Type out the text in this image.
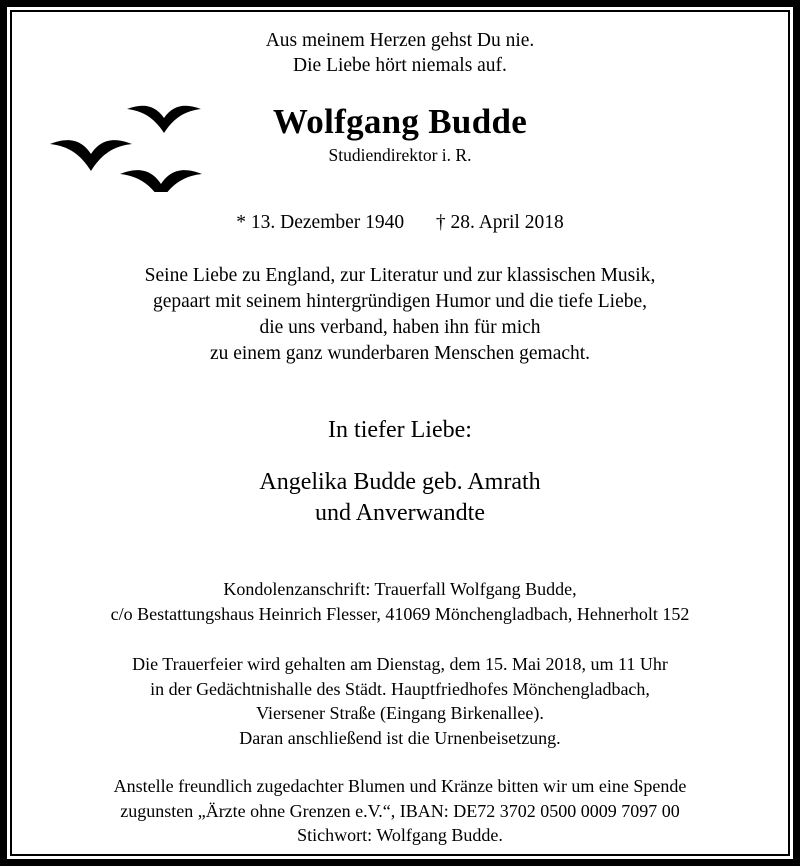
Aus meinem Herzen gehst Du nie.
Die Liebe hört niemals auf.
Wolfgang Budde
Studiendirektor i. R.
* 13. Dezember 1940 † 28. April 2018
Seine Liebe zu England, zur Literatur und zur klassischen Musik,
gepaart mit seinem hintergründigen Humor und die tiefe Liebe,
die uns verband, haben ihn für mich
zu einem ganz wunderbaren Menschen gemacht.
In tiefer Liebe:
Angelika Budde geb. Amrath
und Anverwandte
Kondolenzanschrift: Trauerfall Wolfgang Budde,
c/o Bestattungshaus Heinrich Flesser, 41069 Mönchengladbach, Hehnerholt 152
Die Trauerfeier wird gehalten am Dienstag, dem 15. Mai 2018, um 11 Uhr
in der Gedächtnishalle des Städt. Hauptfriedhofes Mönchengladbach,
Viersener Straße (Eingang Birkenallee).
Daran anschließend ist die Urnenbeisetzung.
Anstelle freundlich zugedachter Blumen und Kränze bitten wir um eine Spende
zugunsten „Ärzte ohne Grenzen e.V.“, IBAN: DE72 3702 0500 0009 7097 00
Stichwort: Wolfgang Budde.
